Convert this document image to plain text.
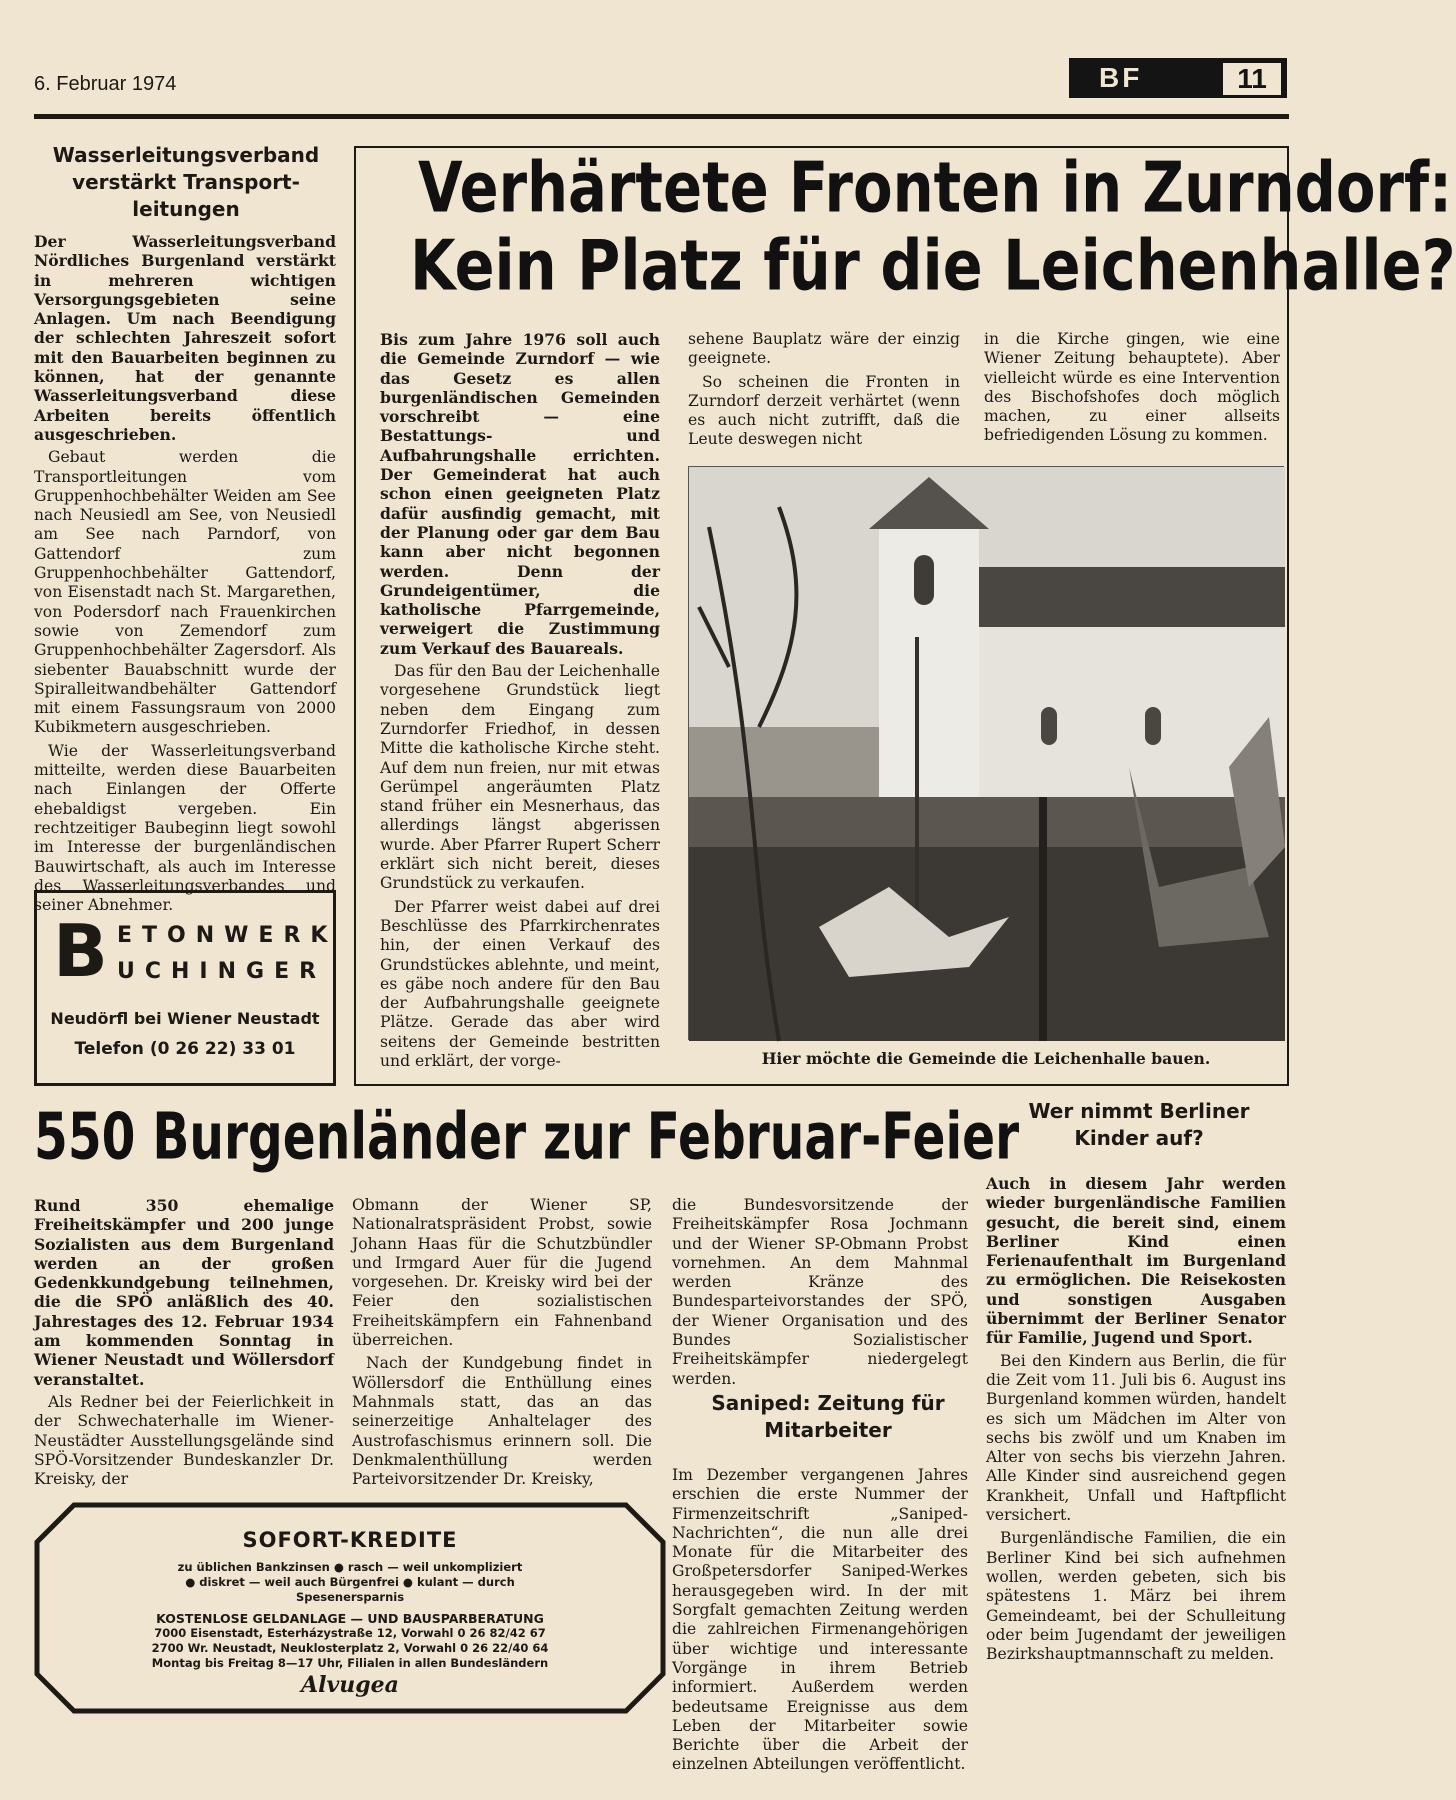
6. Februar 1974	BF	11
Wasserleitungsverband verstärkt Transport-leitungen

Der Wasserleitungsverband Nördliches Burgenland verstärkt in mehreren wichtigen Versorgungsgebieten seine Anlagen. Um nach Beendigung der schlechten Jahreszeit sofort mit den Bauarbeiten beginnen zu können, hat der genannte Wasserleitungsverband diese Arbeiten bereits öffentlich ausgeschrieben.

Gebaut werden die Transportleitungen vom Gruppenhochbehälter Weiden am See nach Neusiedl am See, von Neusiedl am See nach Parndorf, von Gattendorf zum Gruppenhochbehälter Gattendorf, von Eisenstadt nach St. Margarethen, von Podersdorf nach Frauenkirchen sowie von Zemendorf zum Gruppenhochbehälter Zagersdorf. Als siebenter Bauabschnitt wurde der Spiralleitwandbehälter Gattendorf mit einem Fassungsraum von 2000 Kubikmetern ausgeschrieben.

Wie der Wasserleitungsverband mitteilte, werden diese Bauarbeiten nach Einlangen der Offerte ehebaldigst vergeben. Ein rechtzeitiger Baubeginn liegt sowohl im Interesse der burgenländischen Bauwirtschaft, als auch im Interesse des Wasserleitungsverbandes und seiner Abnehmer.

B ETONWERK
UCHINGER
Neudörfl bei Wiener Neustadt
Telefon (0 26 22) 33 01
Verhärtete Fronten in Zurndorf:
Kein Platz für die Leichenhalle?

Bis zum Jahre 1976 soll auch die Gemeinde Zurndorf — wie das Gesetz es allen burgenländischen Gemeinden vorschreibt — eine Bestattungs- und Aufbahrungshalle errichten. Der Gemeinderat hat auch schon einen geeigneten Platz dafür ausfindig gemacht, mit der Planung oder gar dem Bau kann aber nicht begonnen werden. Denn der Grundeigentümer, die katholische Pfarrgemeinde, verweigert die Zustimmung zum Verkauf des Bauareals.

Das für den Bau der Leichenhalle vorgesehene Grundstück liegt neben dem Eingang zum Zurndorfer Friedhof, in dessen Mitte die katholische Kirche steht. Auf dem nun freien, nur mit etwas Gerümpel angeräumten Platz stand früher ein Mesnerhaus, das allerdings längst abgerissen wurde. Aber Pfarrer Rupert Scherr erklärt sich nicht bereit, dieses Grundstück zu verkaufen.

Der Pfarrer weist dabei auf drei Beschlüsse des Pfarrkirchenrates hin, der einen Verkauf des Grundstückes ablehnte, und meint, es gäbe noch andere für den Bau der Aufbahrungshalle geeignete Plätze. Gerade das aber wird seitens der Gemeinde bestritten und erklärt, der vorge-

sehene Bauplatz wäre der einzig geeignete.

So scheinen die Fronten in Zurndorf derzeit verhärtet (wenn es auch nicht zutrifft, daß die Leute deswegen nicht

in die Kirche gingen, wie eine Wiener Zeitung behauptete). Aber vielleicht würde es eine Intervention des Bischofshofes doch möglich machen, zu einer allseits befriedigenden Lösung zu kommen.

Hier möchte die Gemeinde die Leichenhalle bauen.
550 Burgenländer zur Februar-Feier

Rund 350 ehemalige Freiheitskämpfer und 200 junge Sozialisten aus dem Burgenland werden an der großen Gedenkkundgebung teilnehmen, die die SPÖ anläßlich des 40. Jahrestages des 12. Februar 1934 am kommenden Sonntag in Wiener Neustadt und Wöllersdorf veranstaltet.

Als Redner bei der Feierlichkeit in der Schwechaterhalle im Wiener-Neustädter Ausstellungsgelände sind SPÖ-Vorsitzender Bundeskanzler Dr. Kreisky, der

Obmann der Wiener SP, Nationalratspräsident Probst, sowie Johann Haas für die Schutzbündler und Irmgard Auer für die Jugend vorgesehen. Dr. Kreisky wird bei der Feier den sozialistischen Freiheitskämpfern ein Fahnenband überreichen.

Nach der Kundgebung findet in Wöllersdorf die Enthüllung eines Mahnmals statt, das an das seinerzeitige Anhaltelager des Austrofaschismus erinnern soll. Die Denkmalenthüllung werden Parteivorsitzender Dr. Kreisky,

die Bundesvorsitzende der Freiheitskämpfer Rosa Jochmann und der Wiener SP-Obmann Probst vornehmen. An dem Mahnmal werden Kränze des Bundesparteivorstandes der SPÖ, der Wiener Organisation und des Bundes Sozialistischer Freiheitskämpfer niedergelegt werden.

Saniped: Zeitung für Mitarbeiter

Im Dezember vergangenen Jahres erschien die erste Nummer der Firmenzeitschrift „Saniped-Nachrichten“, die nun alle drei Monate für die Mitarbeiter des Großpetersdorfer Saniped-Werkes herausgegeben wird. In der mit Sorgfalt gemachten Zeitung werden die zahlreichen Firmenangehörigen über wichtige und interessante Vorgänge in ihrem Betrieb informiert. Außerdem werden bedeutsame Ereignisse aus dem Leben der Mitarbeiter sowie Berichte über die Arbeit der einzelnen Abteilungen veröffentlicht.

Wer nimmt Berliner Kinder auf?

Auch in diesem Jahr werden wieder burgenländische Familien gesucht, die bereit sind, einem Berliner Kind einen Ferienaufenthalt im Burgenland zu ermöglichen. Die Reisekosten und sonstigen Ausgaben übernimmt der Berliner Senator für Familie, Jugend und Sport.

Bei den Kindern aus Berlin, die für die Zeit vom 11. Juli bis 6. August ins Burgenland kommen würden, handelt es sich um Mädchen im Alter von sechs bis zwölf und um Knaben im Alter von sechs bis vierzehn Jahren. Alle Kinder sind ausreichend gegen Krankheit, Unfall und Haftpflicht versichert.

Burgenländische Familien, die ein Berliner Kind bei sich aufnehmen wollen, werden gebeten, sich bis spätestens 1. März bei ihrem Gemeindeamt, bei der Schulleitung oder beim Jugendamt der jeweiligen Bezirkshauptmannschaft zu melden.

SOFORT-KREDITE
zu üblichen Bankzinsen ● rasch — weil unkompliziert
● diskret — weil auch Bürgenfrei ● kulant — durch
Spesenersparnis
KOSTENLOSE GELDANLAGE — UND BAUSPARBERATUNG
7000 Eisenstadt, Esterházystraße 12, Vorwahl 0 26 82/42 67
2700 Wr. Neustadt, Neuklosterplatz 2, Vorwahl 0 26 22/40 64
Montag bis Freitag 8—17 Uhr, Filialen in allen Bundesländern
Alvugea
